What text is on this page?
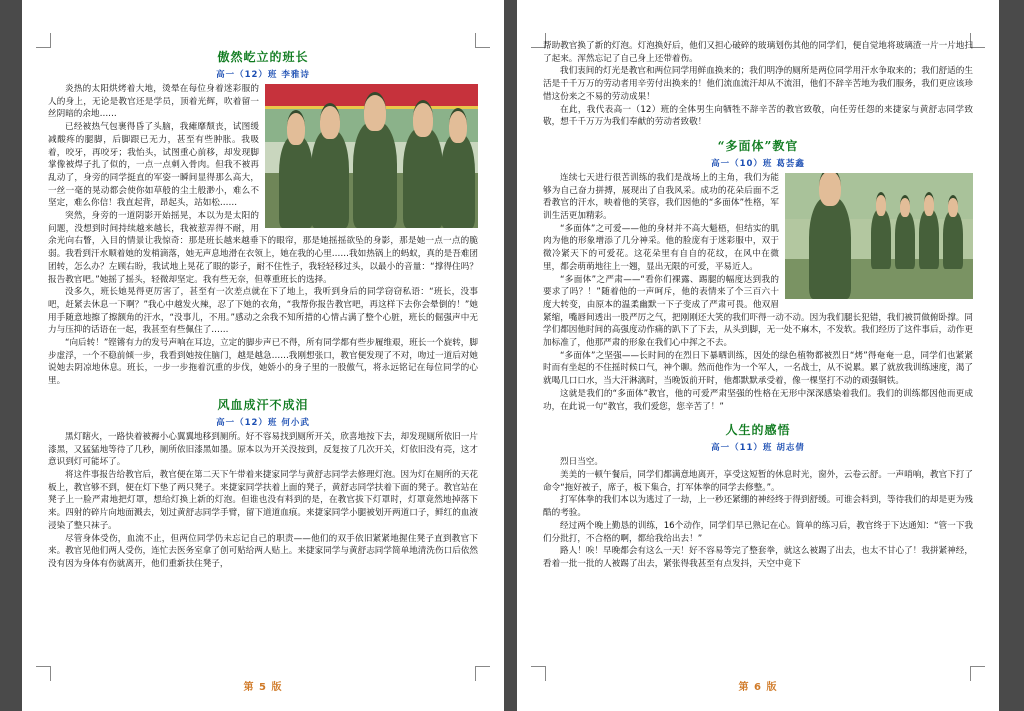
傲然屹立的班长
高一（12）班 李雅诗

炎热的太阳烘烤着大地，烫晕在每位身着迷彩服的人的身上，无论是教官还是学员，顶着光辉，吹着留一丝阴暗的余地……

已经被热气包裹得昏了头脑，我瘫靡颓丧，试图缓减酸疼的腿脚，后脚跟已无力，甚至有些肿胀。我吸着，咬牙，再咬牙；我怡头，试图重心前移，却发现脚掌像被焊子扎了似的，一点一点刺入骨肉。但我不被再乱动了，身旁的同学挺直的军姿一瞬间显得那么高大，一丝一毫的晃动都会使你如草般的尘土般渺小，难么不坚定，难么你信！我直起背，昂起头，站如松……

突然，身旁的一道阴影开始摇晃，本以为是太阳的问题，没想到时间持续越来越长，我被惹弄得不耐，用余光向右瞥，入目的情景让我惊奇：那是班长越来越垂下的眼帘，那是她摇摇欲坠的身影，那是她一点一点的脆弱。我看到汗水顺着她的发梢滴落，她无声息地滑在衣领上，她在我的心里……我如热锅上的蚂蚁，真的是吾难团团转，怎么办？左顾右盼，我试地上晃花了眼的影子，耐不住性子，我轻轻移过头，以最小的音量：“撑得住吗？报告教官吧。”她摇了摇头，轻微却坚定。我有些无奈，但尊重班长的选择。

没多久，班长她晃得更厉害了，甚至有一次差点就在下了地上，我听到身后的同学窃窃私语：“班长，没事吧，赶紧去休息一下啊？”我心中越发火辣，忍了下她的衣角，“我帮你报告教官吧，再这样下去你会晕倒的！”她用手随意地擦了擦额角的汗水，“没事儿，不用。”感动之余我不知所措的心情占满了整个心脏，班长的倔强声中无力与压抑的话语在一起，我甚至有些佩住了……

“向后转！”铿锵有力的发号声响在耳边，立定的脚步声已不得，所有同学都有些步履维艰，班长一个旋转，脚步虚浮，一个不稳前倾一步，我看到她按住脑门，越是越急……我刚想张口，教官便发现了不对，吻过一道后对她说她去阴凉地休息。班长，一步一步拖着沉重的步伐，她娇小的身子里的一股傲气，将永远铭记在每位同学的心里。

风血成汗不成泪
高一（12）班 何小武

黑灯瞎火，一路快着被褥小心翼翼地移到厕所。好不容易找到厕所开关，欣喜地按下去，却发现厕所依旧一片漆黑，又猛猛地等待了几秒，厕所依旧漆黑如墨。原本以为开关没按到，反复按了几次开关，灯依旧没有亮，这才意识到灯可能坏了。

将这件事报告给教官后，教官便在第二天下午带着来捷家同学与黄舒志同学去修理灯泡。因为灯在厕所的天花板上，教官够不到，便在灯下垫了两只凳子。来捷家同学扶着上面的凳子，黄舒志同学扶着下面的凳子。教官站在凳子上一脸严肃地把灯罩，想给灯换上新的灯泡。但谁也没有料到的是，在教官拔下灯罩时，灯罩竟然地掉落下来。四射的碎片向地面溅去，划过黄舒志同学手臂，留下道道血痕。来捷家同学小腿被划开两道口子，鲜红的血液浸染了整只袜子。

尽管身体受伤，血流不止，但两位同学仍未忘记自己的职责——他们的双手依旧紧紧地握住凳子直到教官下来。教官见他们两人受伤，连忙去医务室拿了创可贴给两人贴上。来捷家同学与黄舒志同学简单地清洗伤口后依然没有因为身体有伤就离开，他们重新扶住凳子，

第 5 版

帮助教官换了新的灯泡。灯泡换好后，他们又担心破碎的玻璃划伤其他的同学们，便自觉地将玻璃渣一片一片地扫了起来。浑然忘记了自己身上还带着伤。

我们衷间的灯光是教官和两位同学用鲜血换来的；我们明净的厕所是两位同学用汗水争取来的；我们舒适的生活是千千万万的劳动者用辛劳付出换来的！他们流血流汗却从不流泪，他们不辞辛苦地为我们服务，我们更应该珍惜这份来之不易的劳动成果！

在此，我代表高一（12）班的全体男生向牺牲不辞辛苦的教官致敬，向任劳任怨的来捷家与黄舒志同学致敬，想千千万万为我们奉献的劳动者致敬！

“多面体”教官
高一（10）班 葛荟鑫

连续七天进行很苦训练的我们是战场上的主角，我们为能够为自己奋力拼搏，展现出了自我风采。成功的花朵后面不乏看教官的汗水，映着他的笑容，我们因他的“多面体”性格，军训生活更加精彩。

“多面体”之可爱——他的身材并不高大魁梧，但结实的肌肉为他的形象增添了几分神采。他的脸庞有于迷彩服中，双于微冷紧天下的可爱花。这花朵里有自自的花纹，在风中在微里，都会萌萌地往上一翘，显出无限的可爱，平易近人。

“多面体”之严肃——“看你们裸露、踢腿的幅度达到我的要求了吗？！”随着他的一声呵斥，他的表情来了个三百六十度大转变，由原本的温柔幽默一下子变成了严肃可畏。他双眉紧缩，嘴唇间透出一股严厉之气，把刚刚还大笑的我们吓得一动不动。因为我们腿长犯错，我们被罚做俯卧撑。同学们都因他时间的高强度动作痛的趴下了下去，从头到脚，无一处不麻木，不发软。我们经历了这件事后，动作更加标准了，他那严肃的形象在我们心中挥之不去。

“多面体”之坚强——长时间的在烈日下暴晒训练，因处的绿色植物都被烈日“烤”得奄奄一息，同学们也紧紧时而有坐起的不住摇时候口气，神个聊。然而他作为一个军人，一名战士，从不说累。累了就放我训练速度，渴了就喝几口口水，当大汗淋漓时，当晚饭前开时，他都默默承受着，像一棵坚打不动的顽强铜铁。

这就是我们的“多面体”教官，他的可爱严肃坚强的性格在无形中深深感染着我们。我们的训练都因他而更成功，在此说一句“教官，我们爱您，您辛苦了！”

人生的感悟
高一（11）班 胡志倩

烈日当空。

美美的一顿午餐后，同学们都满意地离开，享受这短暂的休息时光，窗外，云卷云舒。一声哨响，教官下打了命令“拖好被子，席子，板下集合，打军体拳的同学去修整。”。

打军体拳的我们本以为逃过了一劫，上一秒还紧绷的神经终于得到舒缓。可谁会料到，等待我们的却是更为残酷的考验。

经过两个晚上勤恳的训练，16个动作，同学们早已熟记在心。简单的练习后，教官终于下达通知：“管一下我们分批打，不合格的啊，都给我给出去！”

路人！唉！早晚都会有这么一天！好不容易等完了整套拳，就这么被踢了出去，也太不甘心了！我拼紧神经，看着一批一批的人被踢了出去，紧张得我甚至有点发抖，天空中竟下

第 6 版
